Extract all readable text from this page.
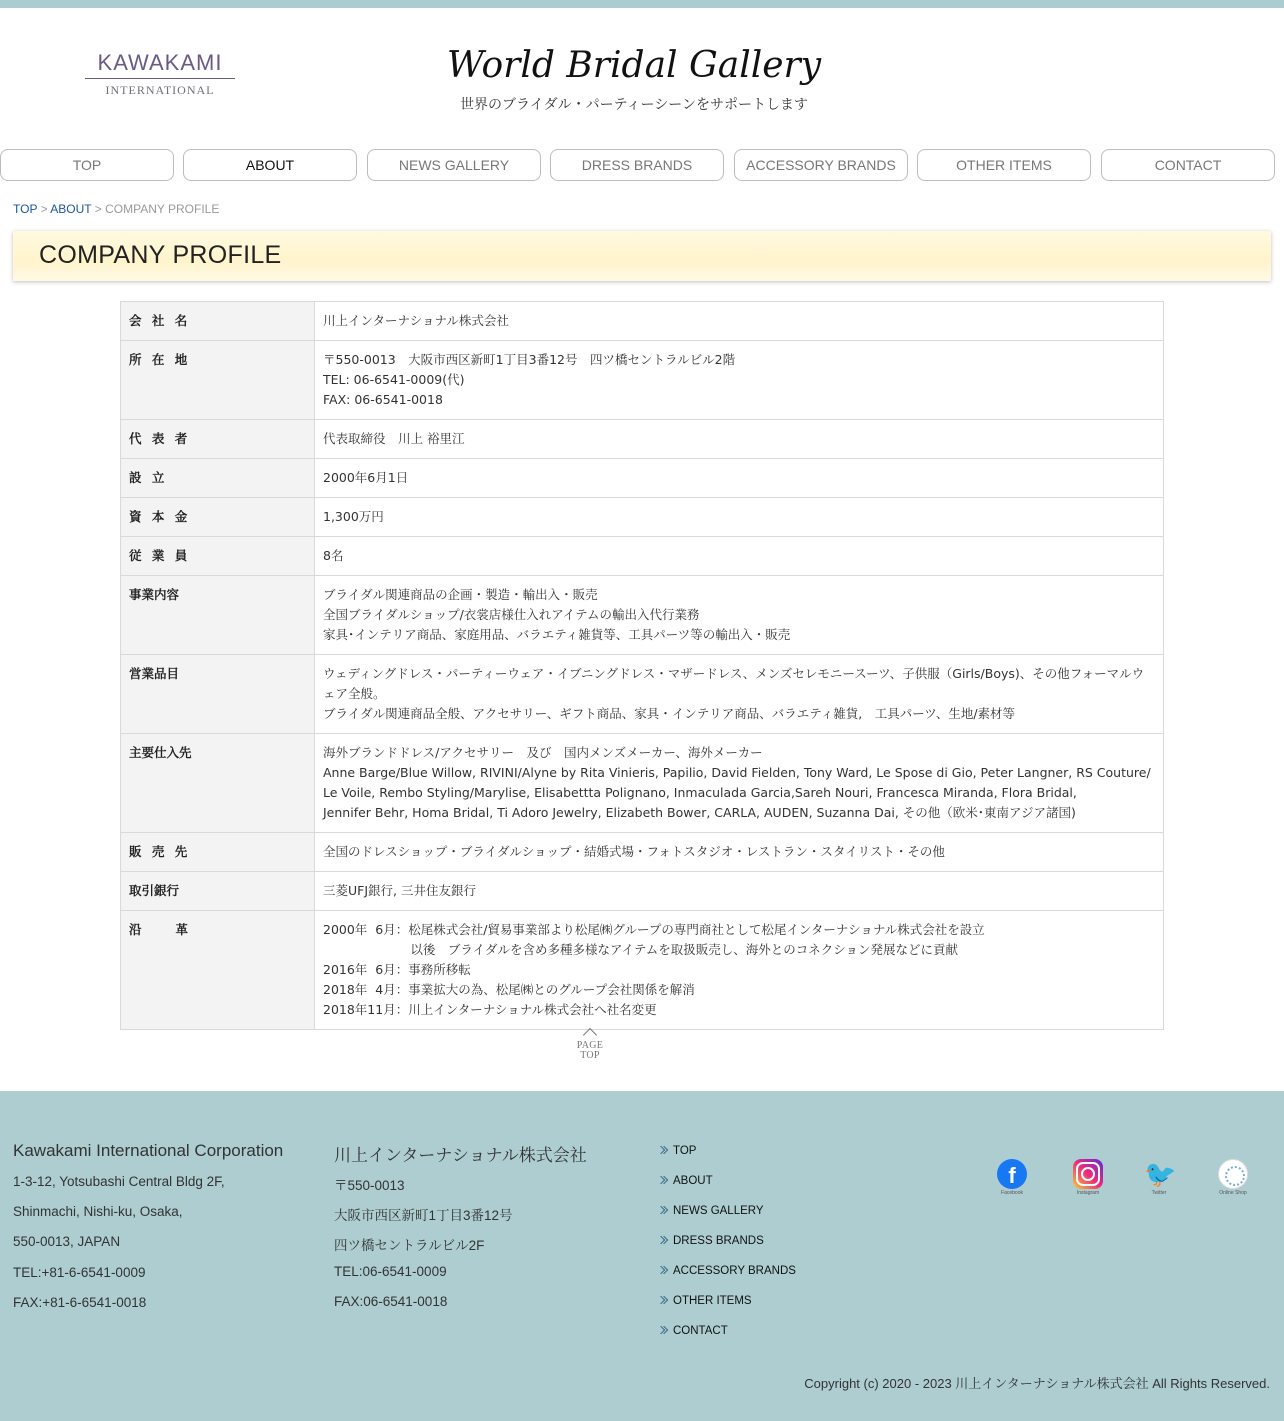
KAWAKAMI
INTERNATIONAL
World Bridal Gallery
世界のブライダル・パーティーシーンをサポートします
TOP	ABOUT	NEWS GALLERY	DRESS BRANDS	ACCESSORY BRANDS	OTHER ITEMS	CONTACT
TOP > ABOUT > COMPANY PROFILE
COMPANY PROFILE
会 社 名	川上インターナショナル株式会社

所 在 地	〒550-0013　大阪市西区新町1丁目3番12号　四ツ橋セントラルビル2階
TEL: 06-6541-0009(代)
FAX: 06-6541-0018

代 表 者	代表取締役　川上 裕里江

設 立	2000年6月1日

資 本 金	1,300万円

従 業 員	8名

事業内容	ブライダル関連商品の企画・製造・輸出入・販売
全国ブライダルショップ/衣裳店様仕入れアイテムの輸出入代行業務
家具･インテリア商品、家庭用品、バラエティ雑貨等、工具パーツ等の輸出入・販売

営業品目	ウェディングドレス・パーティーウェア・イブニングドレス・マザードレス、メンズセレモニースーツ、子供服（Girls/Boys)、その他フォーマルウェア全般。
ブライダル関連商品全般、アクセサリー、ギフト商品、家具・インテリア商品、バラエティ雑貨,　工具パーツ、生地/素材等

主要仕入先	海外ブランドドレス/アクセサリー　及び　国内メンズメーカー、海外メーカー
Anne Barge/Blue Willow, RIVINI/Alyne by Rita Vinieris, Papilio, David Fielden, Tony Ward, Le Spose di Gio, Peter Langner, RS Couture/Le Voile, Rembo Styling/Marylise, Elisabettta Polignano, Inmaculada Garcia,Sareh Nouri, Francesca Miranda, Flora Bridal,
Jennifer Behr, Homa Bridal, Ti Adoro Jewelry, Elizabeth Bower, CARLA, AUDEN, Suzanna Dai, その他（欧米･東南アジア諸国)

販 売 先	全国のドレスショップ・ブライダルショップ・結婚式場・フォトスタジオ・レストラン・スタイリスト・その他

取引銀行	三菱UFJ銀行, 三井住友銀行

沿　　革	2000年  6月：松尾株式会社/貿易事業部より松尾㈱グループの専門商社として松尾インターナショナル株式会社を設立
以後　ブライダルを含め多種多様なアイテムを取扱販売し、海外とのコネクション発展などに貢献
2016年  6月：事務所移転
2018年  4月：事業拡大の為、松尾㈱とのグループ会社関係を解消
2018年11月：川上インターナショナル株式会社へ社名変更
PAGE TOP
Kawakami International Corporation
1-3-12, Yotsubashi Central Bldg 2F,
Shinmachi, Nishi-ku, Osaka,
550-0013, JAPAN
TEL:+81-6-6541-0009
FAX:+81-6-6541-0018
川上インターナショナル株式会社
〒550-0013
大阪市西区新町1丁目3番12号
四ツ橋セントラルビル2F
TEL:06-6541-0009
FAX:06-6541-0018
TOP
ABOUT
NEWS GALLERY
DRESS BRANDS
ACCESSORY BRANDS
OTHER ITEMS
CONTACT
f
Facebook	Instagram
🐦
Twitter	Online Shop
Copyright (c) 2020 - 2023 川上インターナショナル株式会社 All Rights Reserved.
